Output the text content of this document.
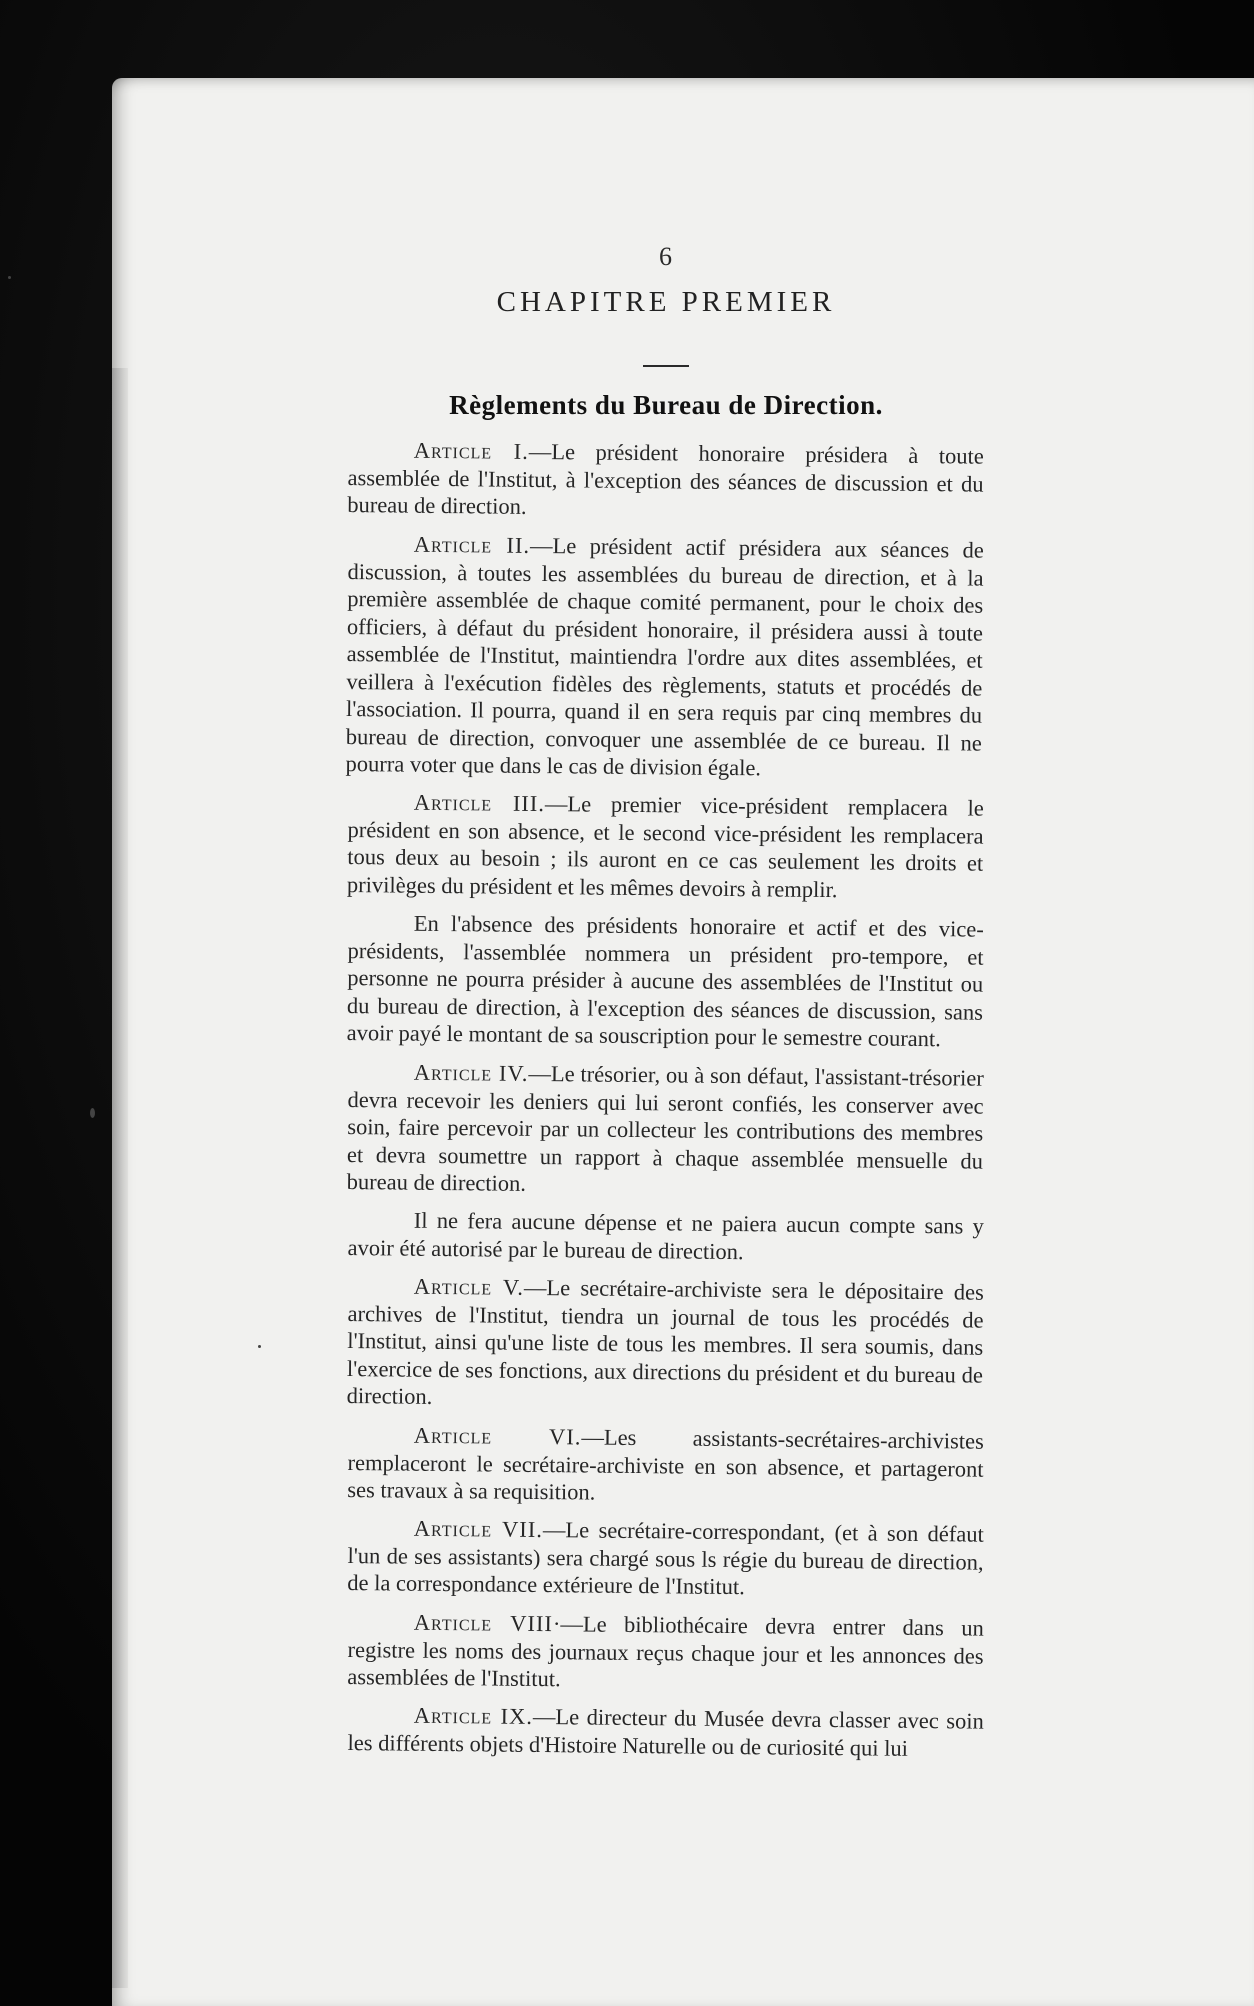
6
CHAPITRE PREMIER
Règlements du Bureau de Direction.

Article I.—Le président honoraire présidera à toute assemblée de l'Institut, à l'exception des séances de discussion et du bureau de direction.

Article II.—Le président actif présidera aux séances de discussion, à toutes les assemblées du bureau de direction, et à la première assemblée de chaque comité permanent, pour le choix des officiers, à défaut du président honoraire, il présidera aussi à toute assemblée de l'Institut, maintiendra l'ordre aux dites assemblées, et veillera à l'exécution fidèles des règlements, statuts et procédés de l'association. Il pourra, quand il en sera requis par cinq membres du bureau de direction, convoquer une assemblée de ce bureau. Il ne pourra voter que dans le cas de division égale.

Article III.—Le premier vice-président remplacera le président en son absence, et le second vice-président les remplacera tous deux au besoin ; ils auront en ce cas seulement les droits et privilèges du président et les mêmes devoirs à remplir.

En l'absence des présidents honoraire et actif et des vice-présidents, l'assemblée nommera un président pro-tempore, et personne ne pourra présider à aucune des assemblées de l'Institut ou du bureau de direction, à l'exception des séances de discussion, sans avoir payé le montant de sa souscription pour le semestre courant.

Article IV.—Le trésorier, ou à son défaut, l'assistant-trésorier devra recevoir les deniers qui lui seront confiés, les conserver avec soin, faire percevoir par un collecteur les contributions des membres et devra soumettre un rapport à chaque assemblée mensuelle du bureau de direction.

Il ne fera aucune dépense et ne paiera aucun compte sans y avoir été autorisé par le bureau de direction.

Article V.—Le secrétaire-archiviste sera le dépositaire des archives de l'Institut, tiendra un journal de tous les procédés de l'Institut, ainsi qu'une liste de tous les membres. Il sera soumis, dans l'exercice de ses fonctions, aux directions du président et du bureau de direction.

Article VI.—Les assistants-secrétaires-archivistes remplaceront le secrétaire-archiviste en son absence, et partageront ses travaux à sa requisition.

Article VII.—Le secrétaire-correspondant, (et à son défaut l'un de ses assistants) sera chargé sous ls régie du bureau de direction, de la correspondance extérieure de l'Institut.

Article VIII·—Le bibliothécaire devra entrer dans un registre les noms des journaux reçus chaque jour et les annonces des assemblées de l'Institut.

Article IX.—Le directeur du Musée devra classer avec soin les différents objets d'Histoire Naturelle ou de curiosité qui lui
